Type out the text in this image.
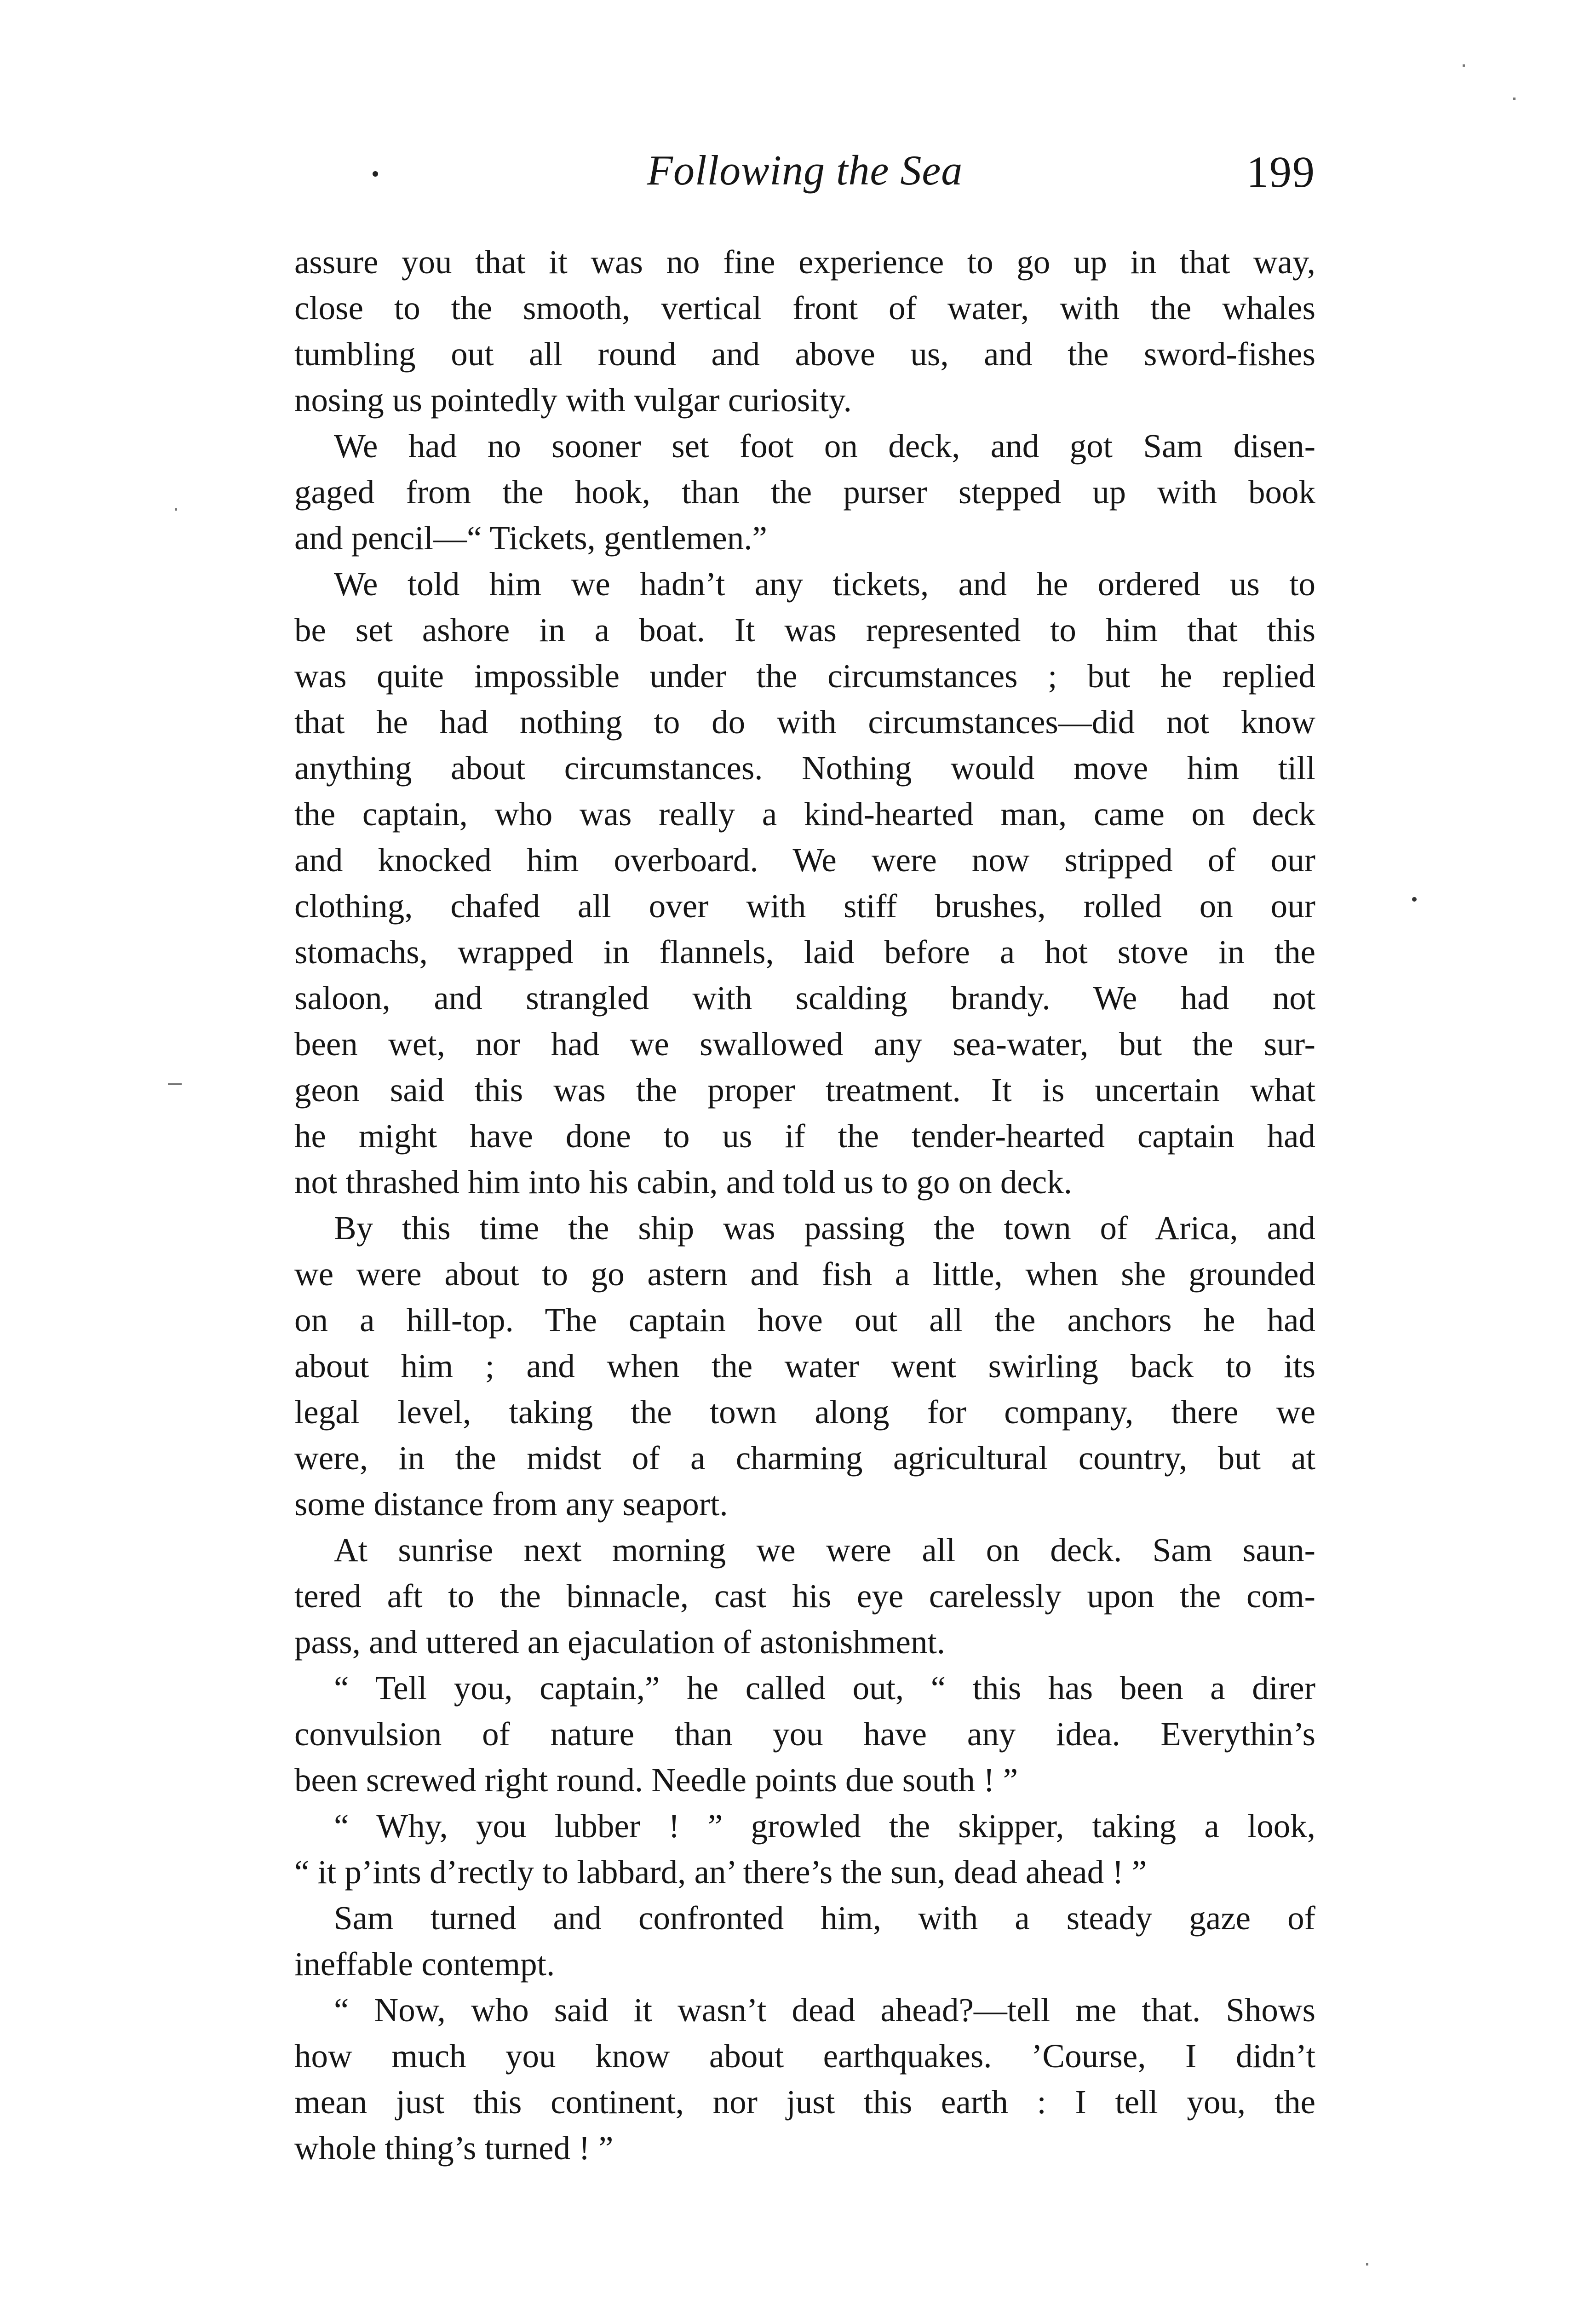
Following the Sea	199
assure you that it was no fine experience to go up in that way,
close to the smooth, vertical front of water, with the whales
tumbling out all round and above us, and the sword-fishes
nosing us pointedly with vulgar curiosity.
We had no sooner set foot on deck, and got Sam disen-
gaged from the hook, than the purser stepped up with book
and pencil—“ Tickets, gentlemen.”
We told him we hadn’t any tickets, and he ordered us to
be set ashore in a boat. It was represented to him that this
was quite impossible under the circumstances ; but he replied
that he had nothing to do with circumstances—did not know
anything about circumstances. Nothing would move him till
the captain, who was really a kind-hearted man, came on deck
and knocked him overboard. We were now stripped of our
clothing, chafed all over with stiff brushes, rolled on our
stomachs, wrapped in flannels, laid before a hot stove in the
saloon, and strangled with scalding brandy. We had not
been wet, nor had we swallowed any sea-water, but the sur-
geon said this was the proper treatment. It is uncertain what
he might have done to us if the tender-hearted captain had
not thrashed him into his cabin, and told us to go on deck.
By this time the ship was passing the town of Arica, and
we were about to go astern and fish a little, when she grounded
on a hill-top. The captain hove out all the anchors he had
about him ; and when the water went swirling back to its
legal level, taking the town along for company, there we
were, in the midst of a charming agricultural country, but at
some distance from any seaport.
At sunrise next morning we were all on deck. Sam saun-
tered aft to the binnacle, cast his eye carelessly upon the com-
pass, and uttered an ejaculation of astonishment.
“ Tell you, captain,” he called out, “ this has been a direr
convulsion of nature than you have any idea. Everythin’s
been screwed right round. Needle points due south ! ”
“ Why, you lubber ! ” growled the skipper, taking a look,
“ it p’ints d’rectly to labbard, an’ there’s the sun, dead ahead ! ”
Sam turned and confronted him, with a steady gaze of
ineffable contempt.
“ Now, who said it wasn’t dead ahead?—tell me that. Shows
how much you know about earthquakes. ’Course, I didn’t
mean just this continent, nor just this earth : I tell you, the
whole thing’s turned ! ”
